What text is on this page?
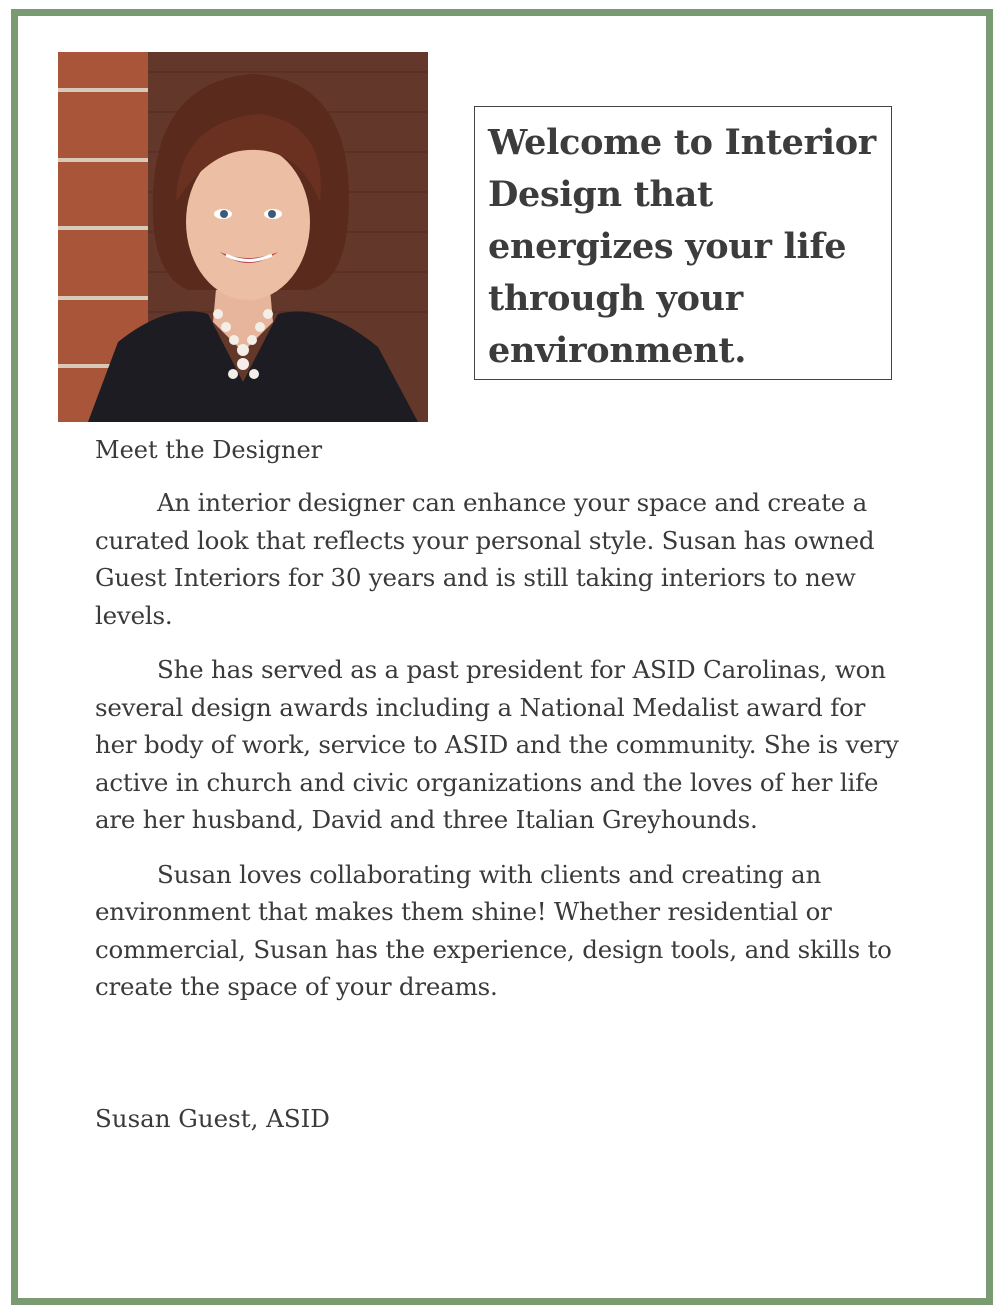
Welcome to Interior Design that energizes your life through your environment.

Meet the Designer

An interior designer can enhance your space and create a curated look that reflects your personal style. Susan has owned Guest Interiors for 30 years and is still taking interiors to new levels.

She has served as a past president for ASID Carolinas, won several design awards including a National Medalist award for her body of work, service to ASID and the community. She is very active in church and civic organizations and the loves of her life are her husband, David and three Italian Greyhounds.

Susan loves collaborating with clients and creating an environment that makes them shine! Whether residential or commercial, Susan has the experience, design tools, and skills to create the space of your dreams.

Susan Guest, ASID
